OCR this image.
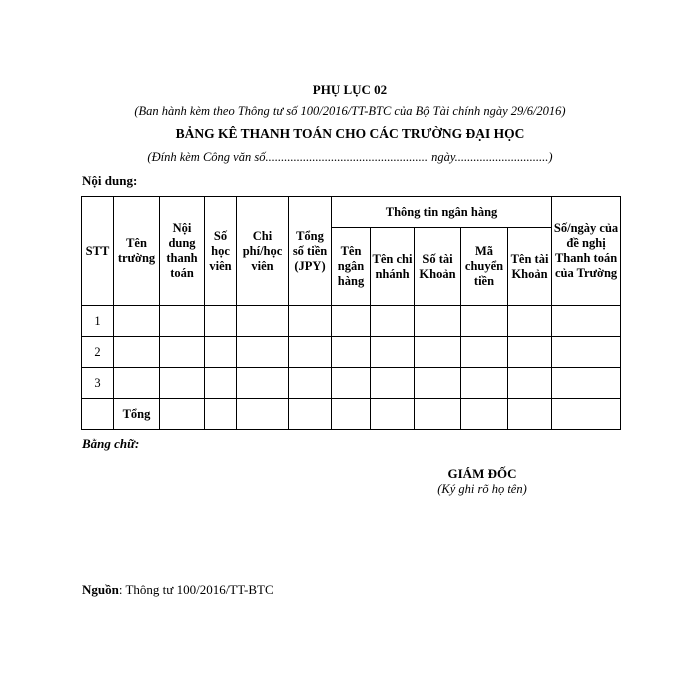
PHỤ LỤC 02
(Ban hành kèm theo Thông tư số 100/2016/TT-BTC của Bộ Tài chính ngày 29/6/2016)
BẢNG KÊ THANH TOÁN CHO CÁC TRƯỜNG ĐẠI HỌC
(Đính kèm Công văn số.................................................... ngày..............................)
Nội dung:
STT	Tên trường	Nội dung thanh toán	Số học viên	Chi phí/học viên	Tổng số tiền (JPY)	Thông tin ngân hàng					Số/ngày của đề nghị Thanh toán của Trường
						Tên ngân hàng	Tên chi nhánh	Số tài Khoản	Mã chuyển tiền	Tên tài Khoản	
1											
2											
3											
	Tổng										
Bằng chữ:
GIÁM ĐỐC
(Ký ghi rõ họ tên)
Nguồn: Thông tư 100/2016/TT-BTC
